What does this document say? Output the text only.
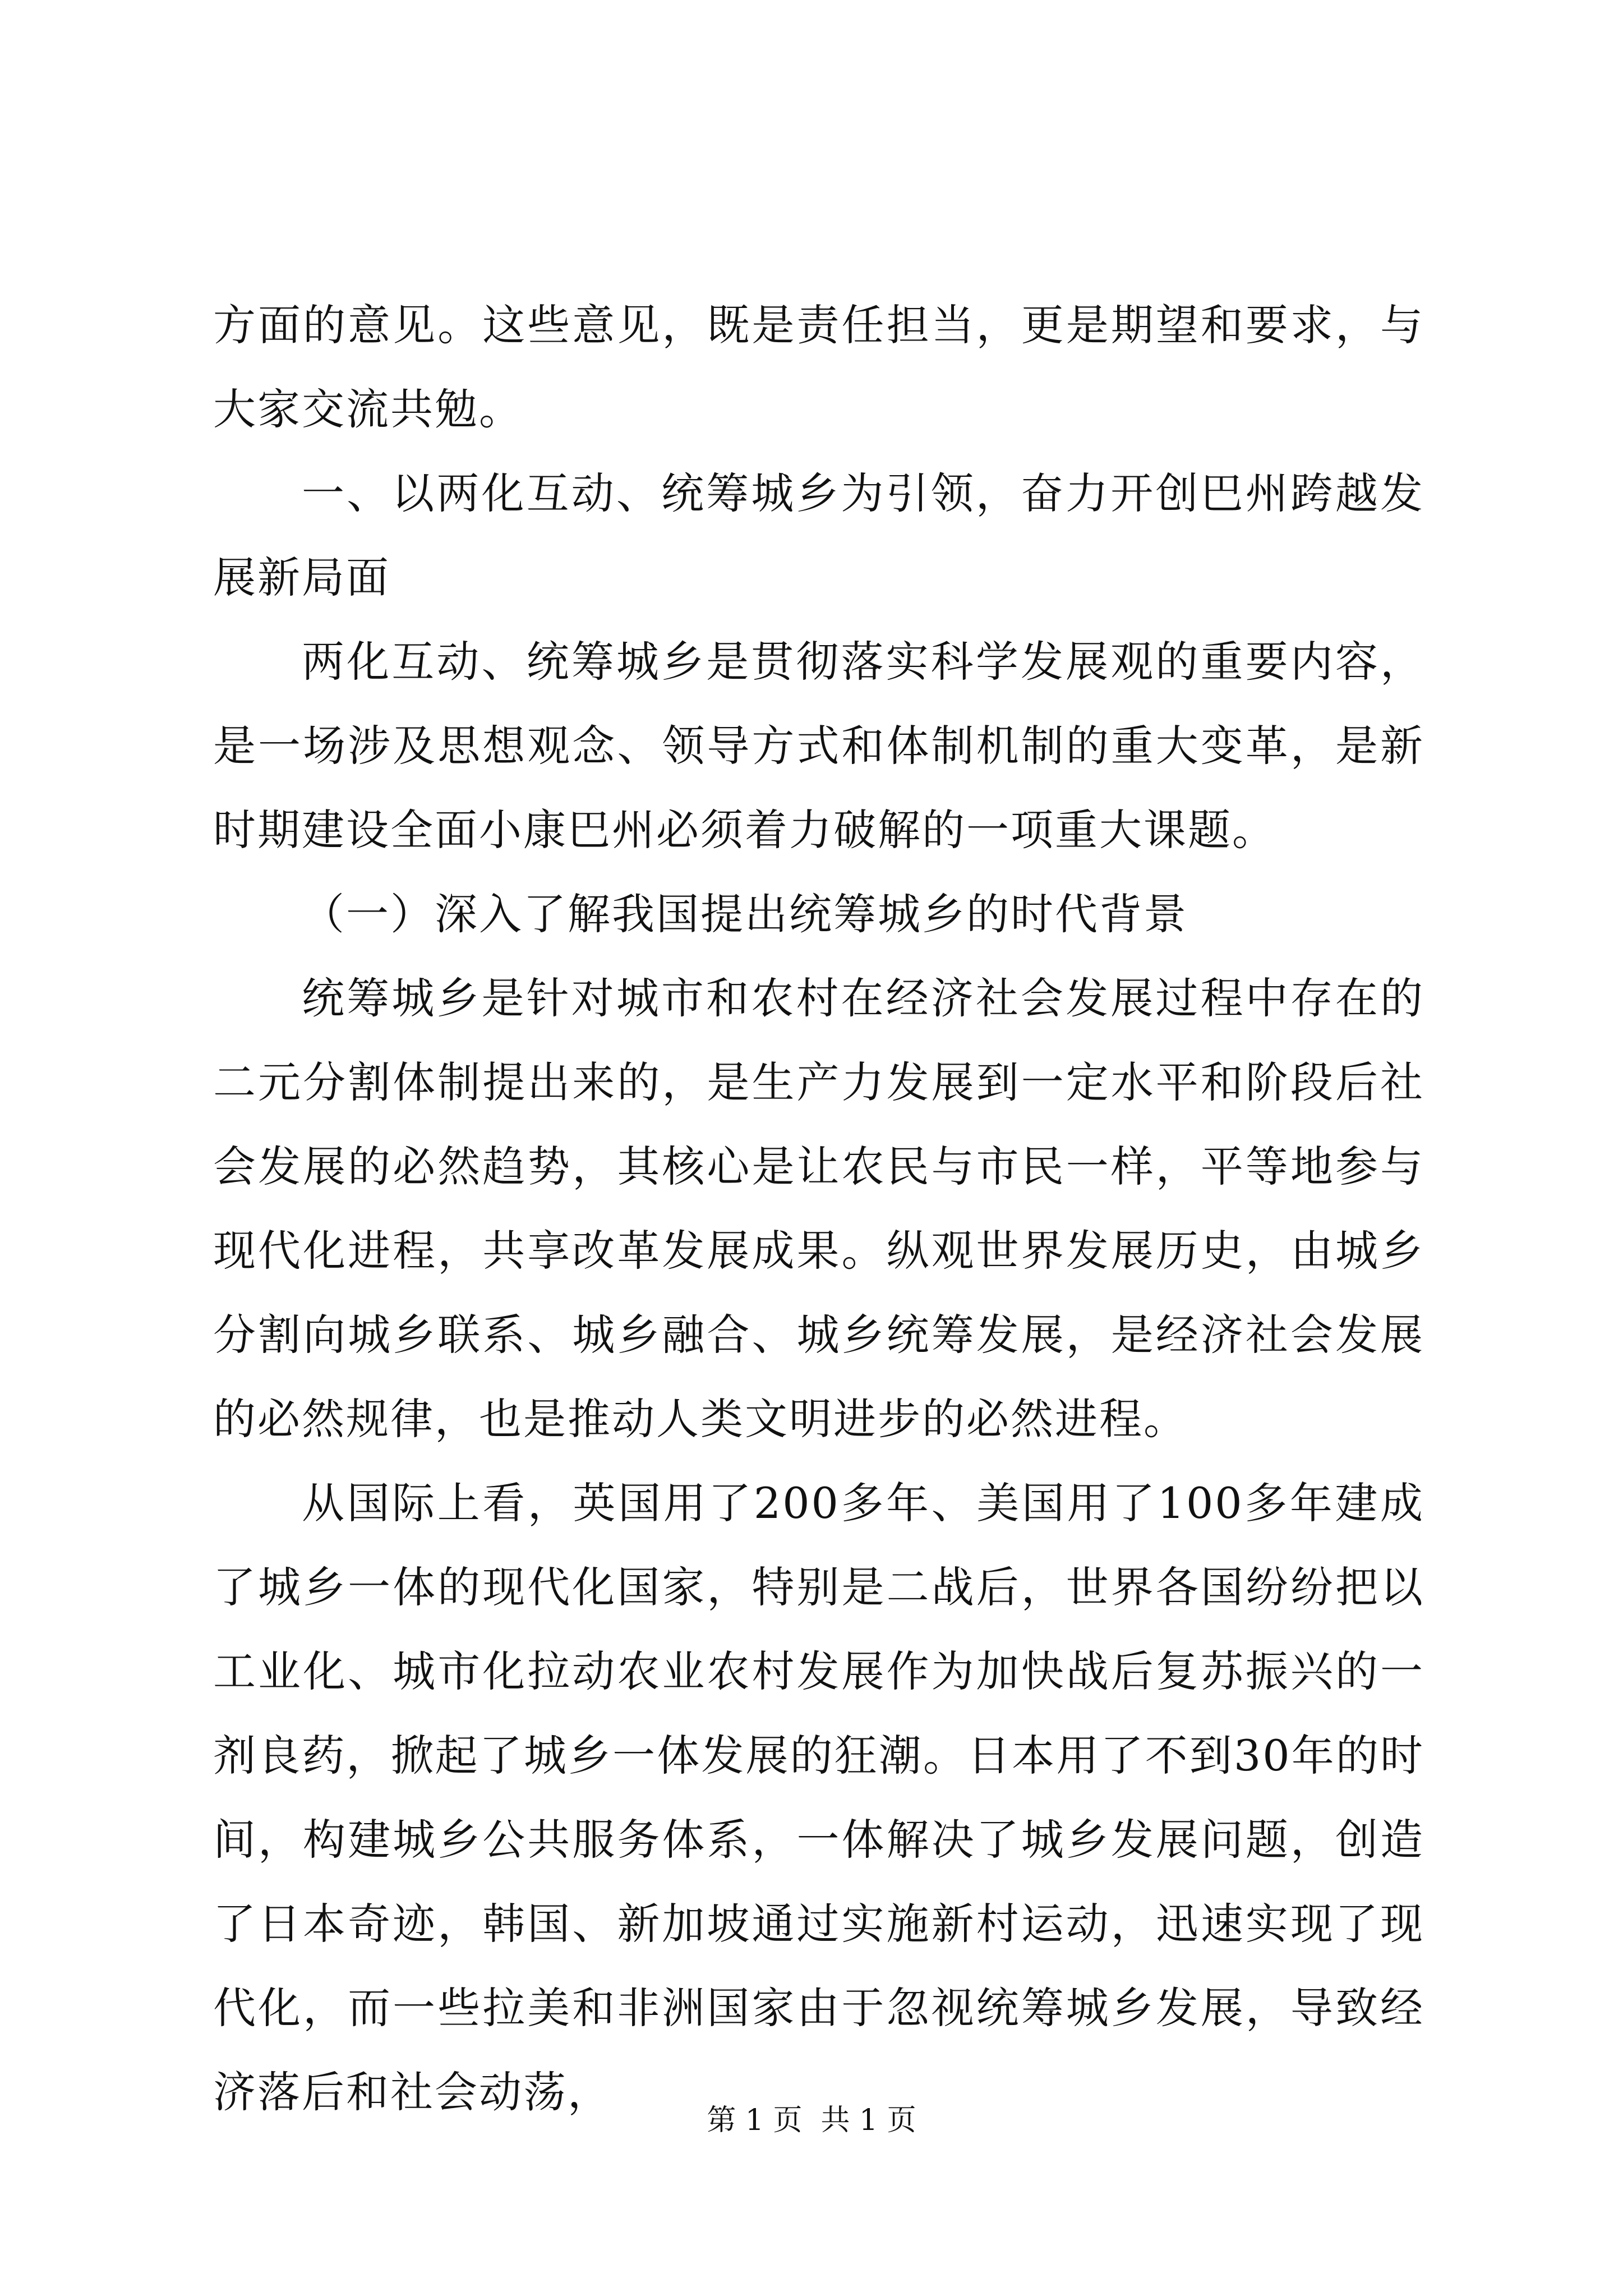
方面的意见。这些意见，既是责任担当，更是期望和要求，与大家交流共勉。

一、以两化互动、统筹城乡为引领，奋力开创巴州跨越发展新局面

两化互动、统筹城乡是贯彻落实科学发展观的重要内容，是一场涉及思想观念、领导方式和体制机制的重大变革，是新时期建设全面小康巴州必须着力破解的一项重大课题。

（一）深入了解我国提出统筹城乡的时代背景

统筹城乡是针对城市和农村在经济社会发展过程中存在的二元分割体制提出来的，是生产力发展到一定水平和阶段后社会发展的必然趋势，其核心是让农民与市民一样，平等地参与现代化进程，共享改革发展成果。纵观世界发展历史，由城乡分割向城乡联系、城乡融合、城乡统筹发展，是经济社会发展的必然规律，也是推动人类文明进步的必然进程。

从国际上看，英国用了200多年、美国用了100多年建成了城乡一体的现代化国家，特别是二战后，世界各国纷纷把以工业化、城市化拉动农业农村发展作为加快战后复苏振兴的一剂良药，掀起了城乡一体发展的狂潮。日本用了不到30年的时间，构建城乡公共服务体系，一体解决了城乡发展问题，创造了日本奇迹，韩国、新加坡通过实施新村运动，迅速实现了现代化，而一些拉美和非洲国家由于忽视统筹城乡发展，导致经济落后和社会动荡，

第 1 页  共 1 页
